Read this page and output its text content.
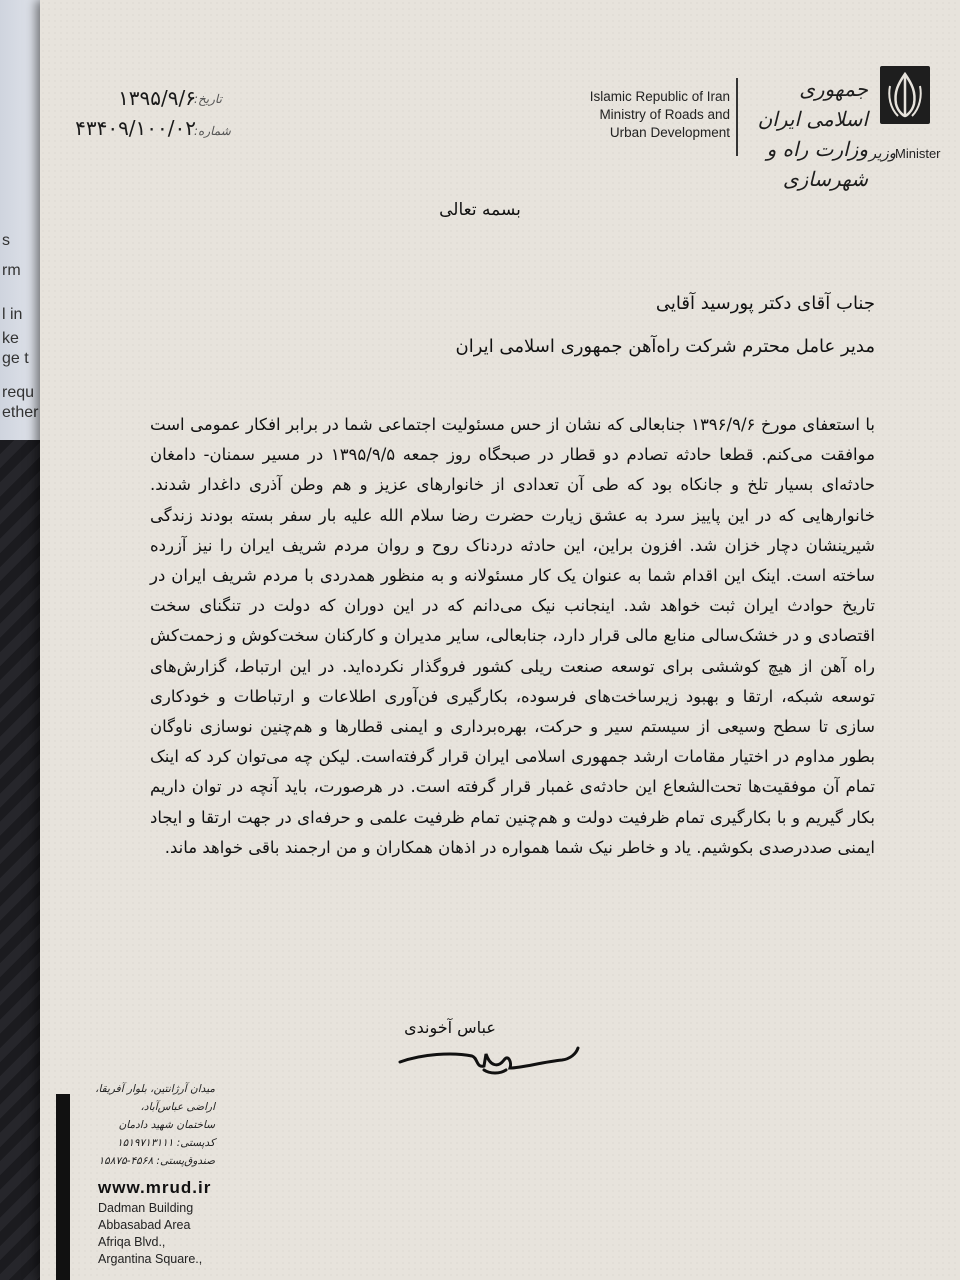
s
rm
l in
ke
ge t
requ
ether
جمهوری اسلامی ایران
وزارت راه و شهرسازی
Islamic Republic of Iran
Ministry of Roads and
Urban Development
وزیر Minister
تاریخ:
۱۳۹۵/۹/۶
شماره:
۴۳۴۰۹/۱۰۰/۰۲
بسمه تعالی
جناب آقای دکتر پورسید آقایی
مدیر عامل محترم شرکت راه‌آهن جمهوری اسلامی ایران

با استعفای مورخ ۱۳۹۶/۹/۶ جنابعالی که نشان از حس مسئولیت اجتماعی شما در برابر افکار عمومی است موافقت می‌کنم. قطعا حادثه تصادم دو قطار در صبحگاه روز جمعه ۱۳۹۵/۹/۵ در مسیر سمنان- دامغان حادثه‌ای بسیار تلخ و جانکاه بود که طی آن تعدادی از خانوارهای عزیز و هم وطن آذری داغدار شدند. خانوارهایی که در این پاییز سرد به عشق زیارت حضرت رضا سلام الله علیه بار سفر بسته بودند زندگی شیرینشان دچار خزان شد. افزون براین، این حادثه دردناک روح و روان مردم شریف ایران را نیز آزرده ساخته است. اینک این اقدام شما به عنوان یک کار مسئولانه و به منظور همدردی با مردم شریف ایران در تاریخ حوادث ایران ثبت خواهد شد. اینجانب نیک می‌دانم که در این دوران که دولت در تنگنای سخت اقتصادی و در خشک‌سالی منابع مالی قرار دارد، جنابعالی، سایر مدیران و کارکنان سخت‌کوش و زحمت‌کش راه آهن از هیچ کوششی برای توسعه صنعت ریلی کشور فروگذار نکرده‌اید. در این ارتباط، گزارش‌های توسعه شبکه، ارتقا و بهبود زیرساخت‌های فرسوده، بکارگیری فن‌آوری اطلاعات و ارتباطات و خودکاری سازی تا سطح وسیعی از سیستم سیر و حرکت، بهره‌برداری و ایمنی قطارها و هم‌چنین نوسازی ناوگان بطور مداوم در اختیار مقامات ارشد جمهوری اسلامی ایران قرار گرفته‌است. لیکن چه می‌توان کرد که اینک تمام آن موفقیت‌ها تحت‌الشعاع این حادثه‌ی غمبار قرار گرفته است. در هرصورت، باید آنچه در توان داریم بکار گیریم و با بکارگیری تمام ظرفیت دولت و هم‌چنین تمام ظرفیت علمی و حرفه‌ای در جهت ارتقا و ایجاد ایمنی صددرصدی بکوشیم. یاد و خاطر نیک شما همواره در اذهان همکاران و من ارجمند باقی خواهد ماند.

عباس آخوندی
میدان آرژانتین، بلوار آفریقا،
اراضی عباس‌آباد،
ساختمان شهید دادمان
کدپستی: ۱۵۱۹۷۱۳۱۱۱
صندوق‌پستی: ۴۵۶۸-۱۵۸۷۵
www.mrud.ir
Dadman Building
Abbasabad Area
Afriqa Blvd.,
Argantina Square.,
